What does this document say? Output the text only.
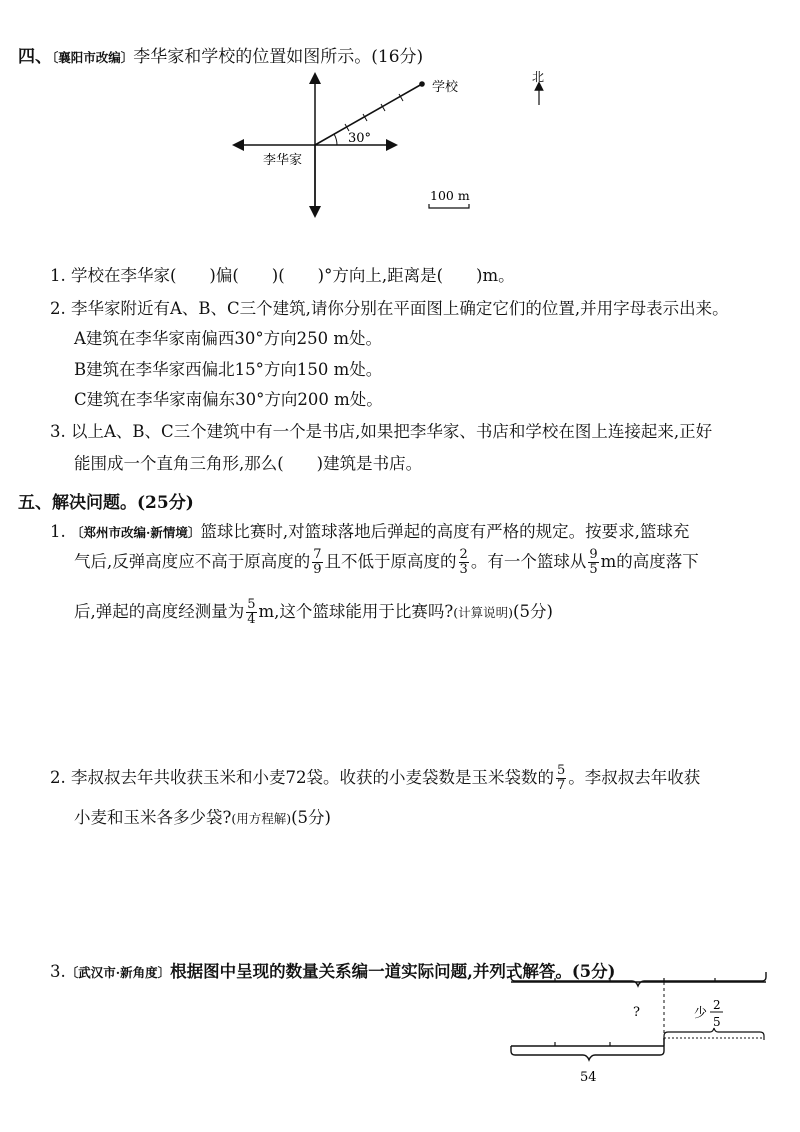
四、〔襄阳市改编〕李华家和学校的位置如图所示。(16分)
30°
学校
李华家
北
100 m
1. 学校在李华家(　　)偏(　　)(　　)°方向上,距离是(　　)m。
2. 李华家附近有A、B、C三个建筑,请你分别在平面图上确定它们的位置,并用字母表示出来。
A建筑在李华家南偏西30°方向250 m处。
B建筑在李华家西偏北15°方向150 m处。
C建筑在李华家南偏东30°方向200 m处。
3. 以上A、B、C三个建筑中有一个是书店,如果把李华家、书店和学校在图上连接起来,正好
能围成一个直角三角形,那么(　　)建筑是书店。
五、解决问题。(25分)
1. 〔郑州市改编·新情境〕篮球比赛时,对篮球落地后弹起的高度有严格的规定。按要求,篮球充
气后,反弹高度应不高于原高度的 $\frac{7}{9}$ 且不低于原高度的 $\frac{2}{3}$ 。有一个篮球从 $\frac{9}{5}$ m的高度落下
后,弹起的高度经测量为 $\frac{5}{4} m$,这个篮球能用于比赛吗?(计算说明)(5分)
2. 李叔叔去年共收获玉米和小麦72袋。收获的小麦袋数是玉米袋数的 $\frac{5}{7}$ 。李叔叔去年收获
小麦和玉米各多少袋?(用方程解)(5分)
3.〔武汉市·新角度〕根据图中呈现的数量关系编一道实际问题,并列式解答。(5分)
?	少
2
5
54
